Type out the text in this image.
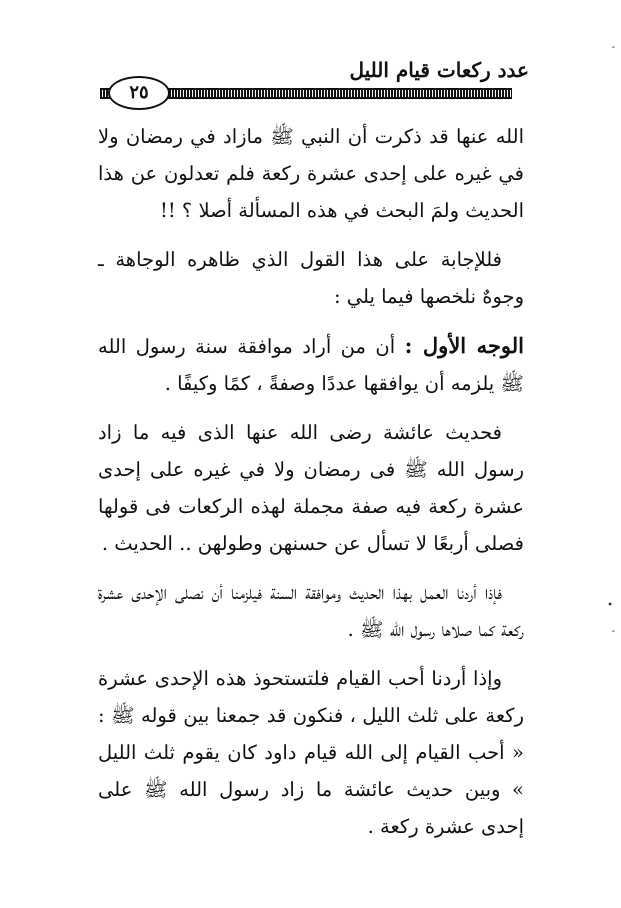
عدد ركعات قيام الليل
٢٥

الله عنها قد ذكرت أن النبي ﷺ مازاد في رمضان ولا في غيره على إحدى عشرة ركعة فلم تعدلون عن هذا الحديث ولمَ البحث في هذه المسألة أصلا ؟ !!

فللإجابة على هذا القول الذي ظاهره الوجاهة ـ وجوهٌ نلخصها فيما يلي :

الوجه الأول : أن من أراد موافقة سنة رسول الله ﷺ يلزمه أن يوافقها عددًا وصفةً ، كمًا وكيفًا .

فحديث عائشة رضى الله عنها الذى فيه ما زاد رسول الله ﷺ فى رمضان ولا في غيره على إحدى عشرة ركعة فيه صفة مجملة لهذه الركعات فى قولها فصلى أربعًا لا تسأل عن حسنهن وطولهن .. الحديث .

فإذا أردنا العمل بهذا الحديث وموافقة السنة فيلزمنا أن نصلى الإحدى عشرة ركعة كما صلاها رسول الله ﷺ .

وإذا أردنا أحب القيام فلتستحوذ هذه الإحدى عشرة ركعة على ثلث الليل ، فنكون قد جمعنا بين قوله ﷺ : « أحب القيام إلى الله قيام داود كان يقوم ثلث الليل » وبين حديث عائشة ما زاد رسول الله ﷺ على إحدى عشرة ركعة .

-
•
-
